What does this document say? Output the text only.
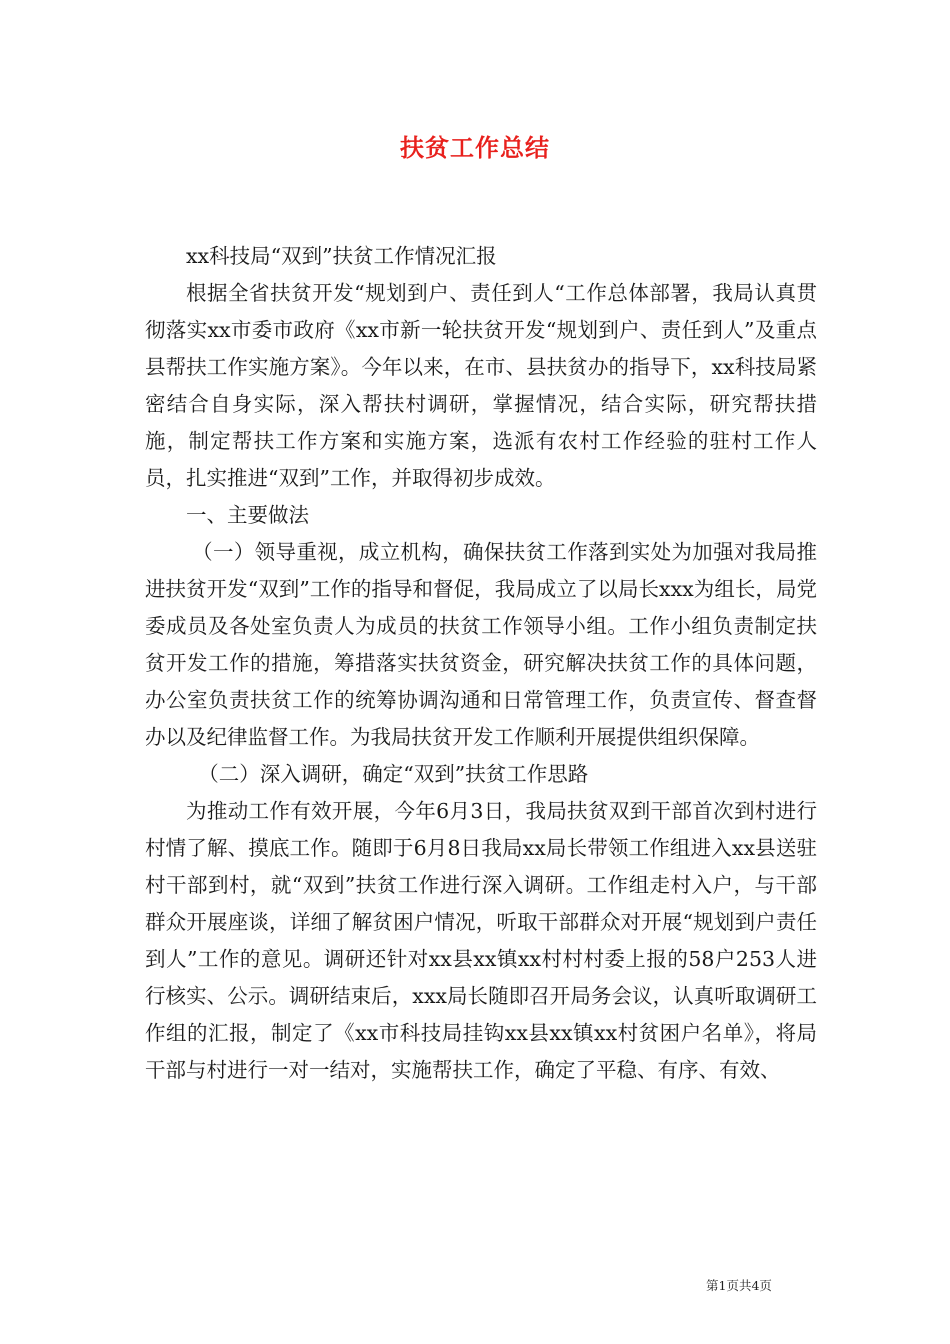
扶贫工作总结

xx科技局“双到”扶贫工作情况汇报

根据全省扶贫开发“规划到户、责任到人“工作总体部署，我局认真贯彻落实xx市委市政府《xx市新一轮扶贫开发“规划到户、责任到人”及重点县帮扶工作实施方案》。今年以来，在市、县扶贫办的指导下，xx科技局紧密结合自身实际，深入帮扶村调研，掌握情况，结合实际，研究帮扶措施，制定帮扶工作方案和实施方案，选派有农村工作经验的驻村工作人员，扎实推进“双到”工作，并取得初步成效。

一、主要做法

（一）领导重视，成立机构，确保扶贫工作落到实处为加强对我局推进扶贫开发“双到”工作的指导和督促，我局成立了以局长xxx为组长，局党委成员及各处室负责人为成员的扶贫工作领导小组。工作小组负责制定扶贫开发工作的措施，筹措落实扶贫资金，研究解决扶贫工作的具体问题，办公室负责扶贫工作的统筹协调沟通和日常管理工作，负责宣传、督查督办以及纪律监督工作。为我局扶贫开发工作顺利开展提供组织保障。

（二）深入调研，确定“双到”扶贫工作思路

为推动工作有效开展，今年6月3日，我局扶贫双到干部首次到村进行村情了解、摸底工作。随即于6月8日我局xx局长带领工作组进入xx县送驻村干部到村，就“双到”扶贫工作进行深入调研。工作组走村入户，与干部群众开展座谈，详细了解贫困户情况，听取干部群众对开展“规划到户责任到人”工作的意见。调研还针对xx县xx镇xx村村村委上报的58户253人进行核实、公示。调研结束后，xxx局长随即召开局务会议，认真听取调研工作组的汇报，制定了《xx市科技局挂钩xx县xx镇xx村贫困户名单》，将局干部与村进行一对一结对，实施帮扶工作，确定了平稳、有序、有效、

第1页共4页
